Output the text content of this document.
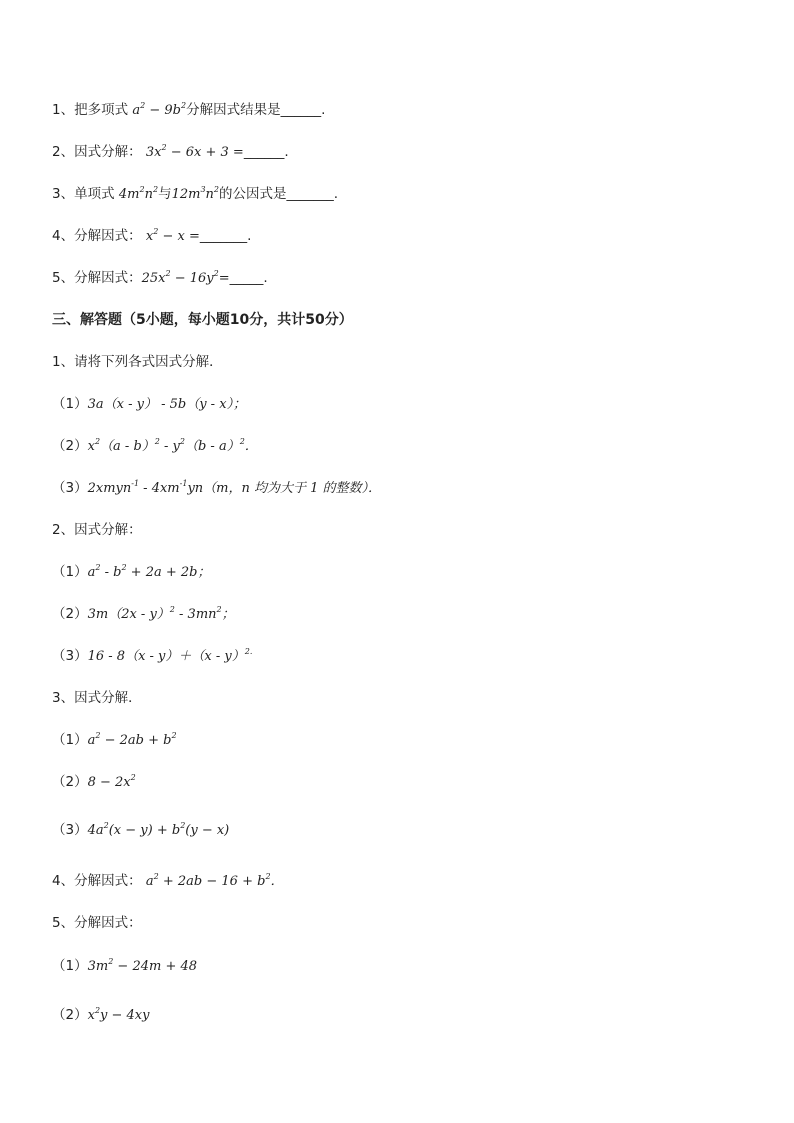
1、把多项式 $a^2 - 9b^2$分解因式结果是______.
2、因式分解： $3x^2 - 6x + 3$ =______.
3、单项式 $4m^2n^2$与$12m^3n^2$的公因式是_______.
4、分解因式： $x^2 - x$ =_______.
5、分解因式：$25x^2$ − $16y^2=\_\_\_\_\_$.
三、解答题（5小题，每小题10分，共计50分）
1、请将下列各式因式分解．
（1）3a（x - y） - 5b（y - x）；
$(2)x^2(a - b)^2 - y^2(b - a)^2$．
（3）2xmyn$^{-1}$ - $4xm^{-1}yn(m$，n 均为大于 1 的整数）．
2、因式分解：
$(1)a^2 - b^2 + 2a + 2b$；
$(2)3m(2x - y)^2 - 3mn^2$；
（3）16 - 8（x - y）＋（x - y）$^{2.}$
3、因式分解．
$(1)a^2 - 2ab + b^2$
$(2)8 - 2x^2$
$(3)4a^2(x - y) + b^2(y - x)$
4、分解因式： $a^2 + 2ab - 16 + b^2$．
5、分解因式：
$(1)3m^2 - 24m + 48$
$(2)x^2y - 4xy$
